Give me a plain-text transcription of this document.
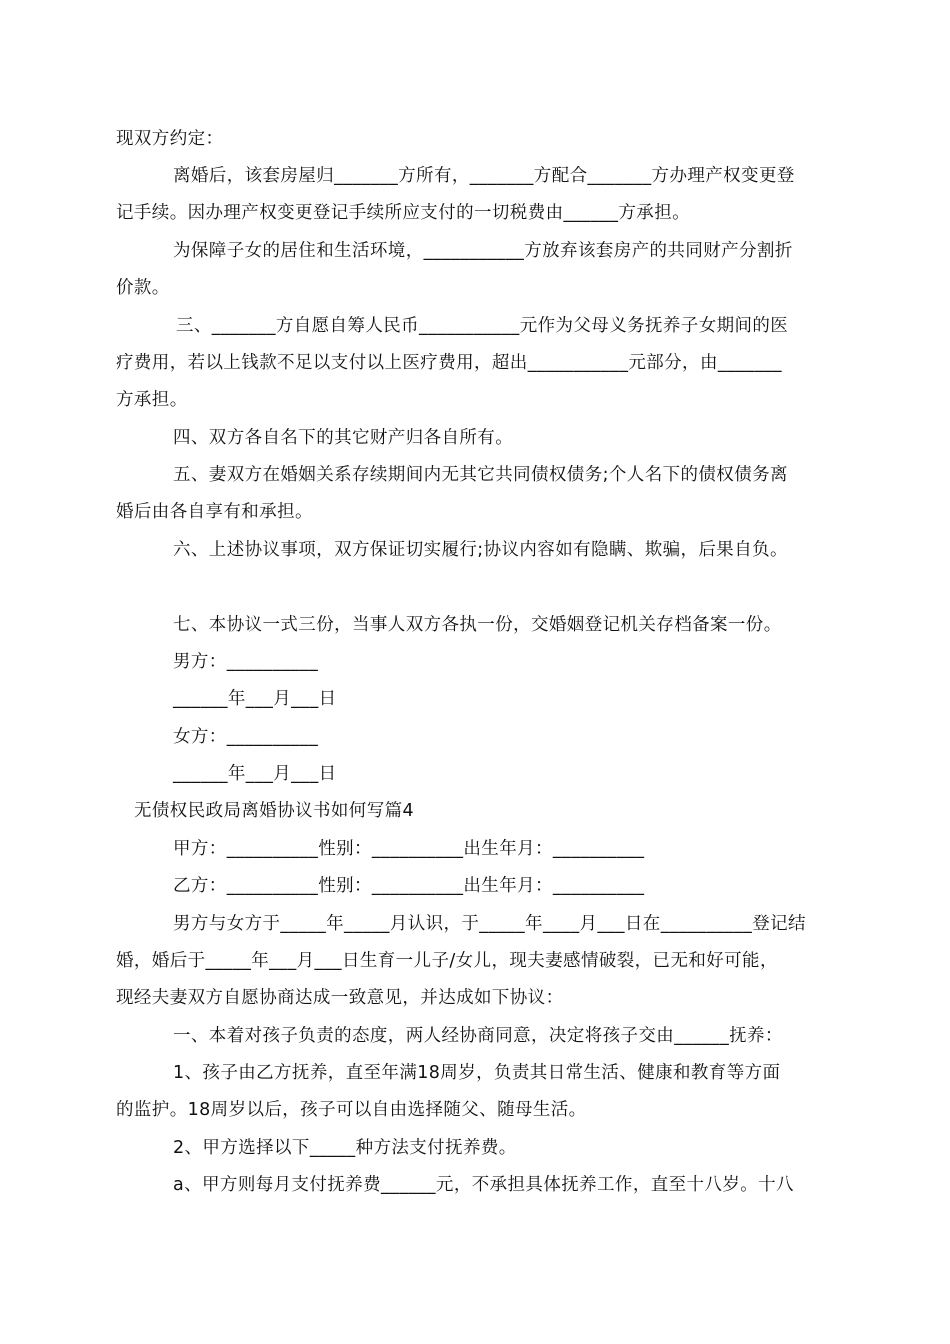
现双方约定：
离婚后，该套房屋归_______方所有，_______方配合_______方办理产权变更登
记手续。因办理产权变更登记手续所应支付的一切税费由______方承担。
为保障子女的居住和生活环境，___________方放弃该套房产的共同财产分割折
价款。
三、_______方自愿自筹人民币___________元作为父母义务抚养子女期间的医
疗费用，若以上钱款不足以支付以上医疗费用，超出___________元部分，由_______
方承担。
四、双方各自名下的其它财产归各自所有。
五、妻双方在婚姻关系存续期间内无其它共同债权债务;个人名下的债权债务离
婚后由各自享有和承担。
六、上述协议事项，双方保证切实履行;协议内容如有隐瞒、欺骗，后果自负。
七、本协议一式三份，当事人双方各执一份，交婚姻登记机关存档备案一份。
男方：__________
______年___月___日
女方：__________
______年___月___日
无债权民政局离婚协议书如何写篇4
甲方：__________性别：__________出生年月：__________
乙方：__________性别：__________出生年月：__________
男方与女方于_____年_____月认识，于_____年____月___日在__________登记结
婚，婚后于_____年___月___日生育一儿子/女儿，现夫妻感情破裂，已无和好可能，
现经夫妻双方自愿协商达成一致意见，并达成如下协议：
一、本着对孩子负责的态度，两人经协商同意，决定将孩子交由______抚养：
1、孩子由乙方抚养，直至年满18周岁，负责其日常生活、健康和教育等方面
的监护。18周岁以后，孩子可以自由选择随父、随母生活。
2、甲方选择以下_____种方法支付抚养费。
a、甲方则每月支付抚养费______元，不承担具体抚养工作，直至十八岁。十八
